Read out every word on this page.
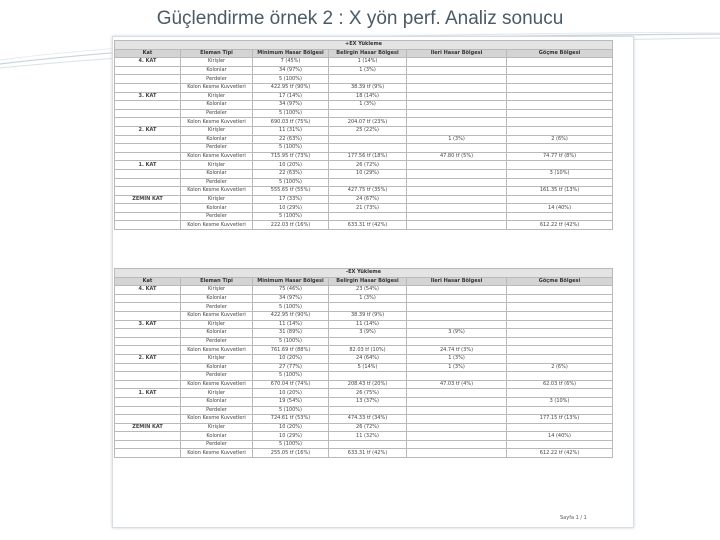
Güçlendirme örnek 2 : X yön perf. Analiz sonucu
+EX Yükleme					
Kat	Eleman Tipi	Minimum Hasar Bölgesi	Belirgin Hasar Bölgesi	İleri Hasar Bölgesi	Göçme Bölgesi
4. KAT	Kirişler	7 (45%)	1 (14%)		
	Kolonlar	34 (97%)	1 (3%)		
	Perdeler	5 (100%)			
	Kolon Kesme Kuvvetleri	422.95 tf (90%)	38.39 tf (9%)		
3. KAT	Kirişler	17 (14%)	18 (14%)		
	Kolonlar	34 (97%)	1 (3%)		
	Perdeler	5 (100%)			
	Kolon Kesme Kuvvetleri	690.03 tf (75%)	204.07 tf (23%)		
2. KAT	Kirişler	11 (31%)	25 (22%)		
	Kolonlar	22 (63%)		1 (3%)	2 (6%)
	Perdeler	5 (100%)			
	Kolon Kesme Kuvvetleri	715.95 tf (73%)	177.56 tf (18%)	47.80 tf (5%)	74.77 tf (8%)
1. KAT	Kirişler	10 (20%)	26 (72%)		
	Kolonlar	22 (63%)	10 (29%)		3 (10%)
	Perdeler	5 (100%)			
	Kolon Kesme Kuvvetleri	555.65 tf (55%)	427.75 tf (35%)		161.35 tf (13%)
ZEMIN KAT	Kirişler	17 (33%)	24 (67%)		
	Kolonlar	10 (29%)	21 (73%)		14 (40%)
	Perdeler	5 (100%)			
	Kolon Kesme Kuvvetleri	222.03 tf (16%)	633.31 tf (42%)		612.22 tf (42%)
-EX Yükleme					
Kat	Eleman Tipi	Minimum Hasar Bölgesi	Belirgin Hasar Bölgesi	İleri Hasar Bölgesi	Göçme Bölgesi
4. KAT	Kirişler	75 (46%)	23 (54%)		
	Kolonlar	34 (97%)	1 (3%)		
	Perdeler	5 (100%)			
	Kolon Kesme Kuvvetleri	422.95 tf (90%)	38.39 tf (9%)		
3. KAT	Kirişler	11 (14%)	11 (14%)		
	Kolonlar	31 (89%)	3 (9%)	3 (9%)	
	Perdeler	5 (100%)			
	Kolon Kesme Kuvvetleri	761.69 tf (88%)	82.03 tf (10%)	24.74 tf (3%)	
2. KAT	Kirişler	10 (20%)	24 (64%)	1 (3%)	
	Kolonlar	27 (77%)	5 (14%)	1 (3%)	2 (6%)
	Perdeler	5 (100%)			
	Kolon Kesme Kuvvetleri	670.04 tf (74%)	208.43 tf (20%)	47.03 tf (4%)	62.03 tf (6%)
1. KAT	Kirişler	10 (20%)	26 (75%)		
	Kolonlar	19 (54%)	13 (37%)		3 (10%)
	Perdeler	5 (100%)			
	Kolon Kesme Kuvvetleri	724.61 tf (53%)	474.33 tf (34%)		177.15 tf (13%)
ZEMIN KAT	Kirişler	10 (20%)	26 (72%)		
	Kolonlar	10 (29%)	11 (32%)		14 (40%)
	Perdeler	5 (100%)			
	Kolon Kesme Kuvvetleri	255.05 tf (16%)	633.31 tf (42%)		612.22 tf (42%)
Sayfa 1 / 1
